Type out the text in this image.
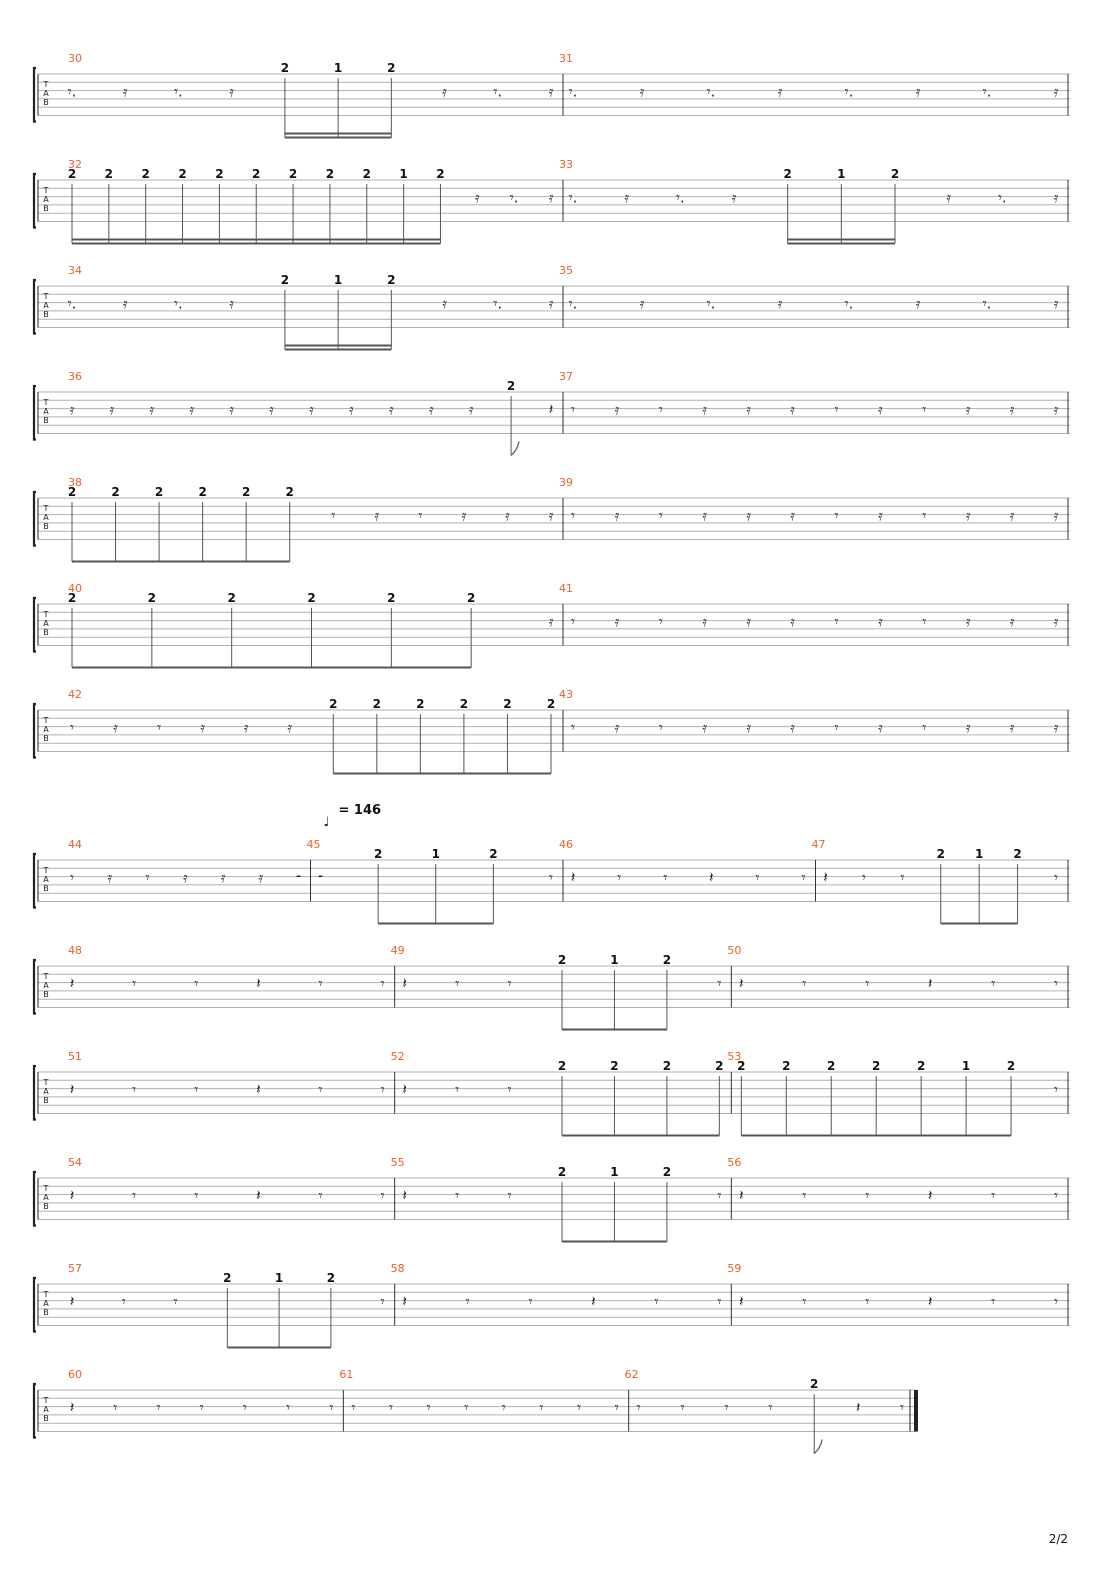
T
A
B
30
𝄾.	𝄿	𝄾.	𝄿
2	1	2
𝄿	𝄾.	𝄿
31
𝄾.	𝄿	𝄾.	𝄿	𝄾.	𝄿	𝄾.	𝄿
T
A
B
32
2 2 2 2 2 2 2 2 2 1 2
𝄿 𝄾. 𝄿
33
𝄾.	𝄿	𝄾.	𝄿
2	1	2
𝄿	𝄾.	𝄿
T
A
B
34
𝄾.	𝄿	𝄾.	𝄿
2	1	2
𝄿	𝄾.	𝄿
35
𝄾.	𝄿	𝄾.	𝄿	𝄾.	𝄿	𝄾.	𝄿
T
A
B
36
𝄿 𝄿 𝄿 𝄿 𝄿 𝄿 𝄿 𝄿 𝄿 𝄿 𝄿
2
𝄽
37
𝄾	𝄿	𝄾	𝄿	𝄿	𝄿	𝄾	𝄿	𝄾	𝄿	𝄿	𝄿
T
A
B
38
2	2	2	2	2	2
𝄾	𝄿	𝄾	𝄿	𝄿	𝄿
39
𝄾	𝄿	𝄾	𝄿	𝄿	𝄿	𝄾	𝄿	𝄾	𝄿	𝄿	𝄿
T
A
B
40
2	2	2	2	2	2
𝄿
41
𝄾	𝄿	𝄾	𝄿	𝄿	𝄿	𝄾	𝄿	𝄾	𝄿	𝄿	𝄿
T
A
B
42
𝄾	𝄿	𝄾	𝄿	𝄿	𝄿
2	2	2	2	2	2
43
𝄾	𝄿	𝄾	𝄿	𝄿	𝄿	𝄾	𝄿	𝄾	𝄿	𝄿	𝄿
T
A
B
44
𝄾 𝄿 𝄾 𝄿 𝄿 𝄿 𝄼
45
𝄼
2	1	2
𝄾
46
𝄽	𝄾	𝄾	𝄽	𝄾	𝄾
47
𝄽 𝄾 𝄾
2	1	2
𝄾
♩
= 146
T
A
B
48
𝄽	𝄾	𝄾	𝄽	𝄾	𝄾
49
𝄽	𝄾	𝄾
2	1	2
𝄾
50
𝄽	𝄾	𝄾	𝄽	𝄾	𝄾
T
A
B
51
𝄽	𝄾	𝄾	𝄽	𝄾	𝄾
52
𝄽	𝄾	𝄾
2	2	2	2
53
2	2	2	2	2	1	2
𝄾
T
A
B
54
𝄽	𝄾	𝄾	𝄽	𝄾	𝄾
55
𝄽	𝄾	𝄾
2	1	2
𝄾
56
𝄽	𝄾	𝄾	𝄽	𝄾	𝄾
T
A
B
57
𝄽	𝄾	𝄾
2	1	2
𝄾
58
𝄽	𝄾	𝄾	𝄽	𝄾	𝄾
59
𝄽	𝄾	𝄾	𝄽	𝄾	𝄾
T
A
B
60
𝄽	𝄾	𝄾	𝄾	𝄾	𝄾	𝄾
61
𝄾 𝄾 𝄾 𝄾 𝄾 𝄾 𝄾 𝄾
62
𝄾	𝄾	𝄾	𝄾
2
𝄽	𝄾
2/2
